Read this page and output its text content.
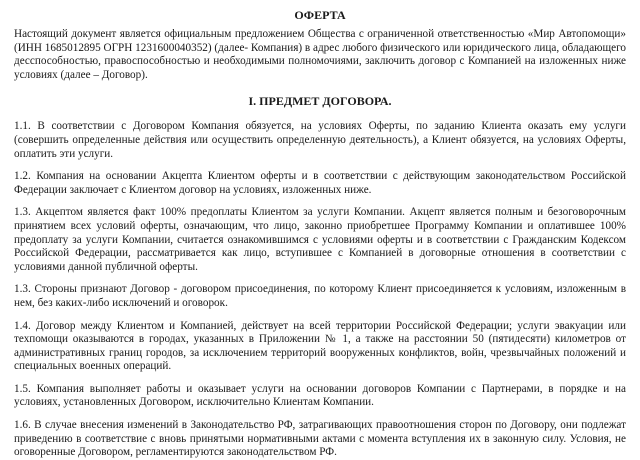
ОФЕРТА

Настоящий документ является официальным предложением Общества с ограниченной ответственностью «Мир Автопомощи» (ИНН 1685012895 ОГРН 1231600040352) (далее- Компания) в адрес любого физического или юридического лица, обладающего десспособностью, правоспособностью и необходимыми полномочиями, заключить договор с Компанией на изложенных ниже условиях (далее – Договор).

I. ПРЕДМЕТ ДОГОВОРА.

1.1. В соответствии с Договором Компания обязуется, на условиях Оферты, по заданию Клиента оказать ему услуги (совершить определенные действия или осуществить определенную деятельность), а Клиент обязуется, на условиях Оферты, оплатить эти услуги.

1.2. Компания на основании Акцепта Клиентом оферты и в соответствии с действующим законодательством Российской Федерации заключает с Клиентом договор на условиях, изложенных ниже.

1.3. Акцептом является факт 100% предоплаты Клиентом за услуги Компании. Акцепт является полным и безоговорочным принятием всех условий оферты, означающим, что лицо, законно приобретшее Программу Компании и оплатившее 100% предоплату за услуги Компании, считается ознакомившимся с условиями оферты и в соответствии с Гражданским Кодексом Российской Федерации, рассматривается как лицо, вступившее с Компанией в договорные отношения в соответствии с условиями данной публичной оферты.

1.3. Стороны признают Договор - договором присоединения, по которому Клиент присоединяется к условиям, изложенным в нем, без каких-либо исключений и оговорок.

1.4. Договор между Клиентом и Компанией, действует на всей территории Российской Федерации; услуги эвакуации или техпомощи оказываются в городах, указанных в Приложении № 1, а также на расстоянии 50 (пятидесяти) километров от административных границ городов, за исключением территорий вооруженных конфликтов, войн, чрезвычайных положений и специальных военных операций.

1.5. Компания выполняет работы и оказывает услуги на основании договоров Компании с Партнерами, в порядке и на условиях, установленных Договором, исключительно Клиентам Компании.

1.6. В случае внесения изменений в Законодательство РФ, затрагивающих правоотношения сторон по Договору, они подлежат приведению в соответствие с вновь принятыми нормативными актами с момента вступления их в законную силу. Условия, не оговоренные Договором, регламентируются законодательством РФ.
